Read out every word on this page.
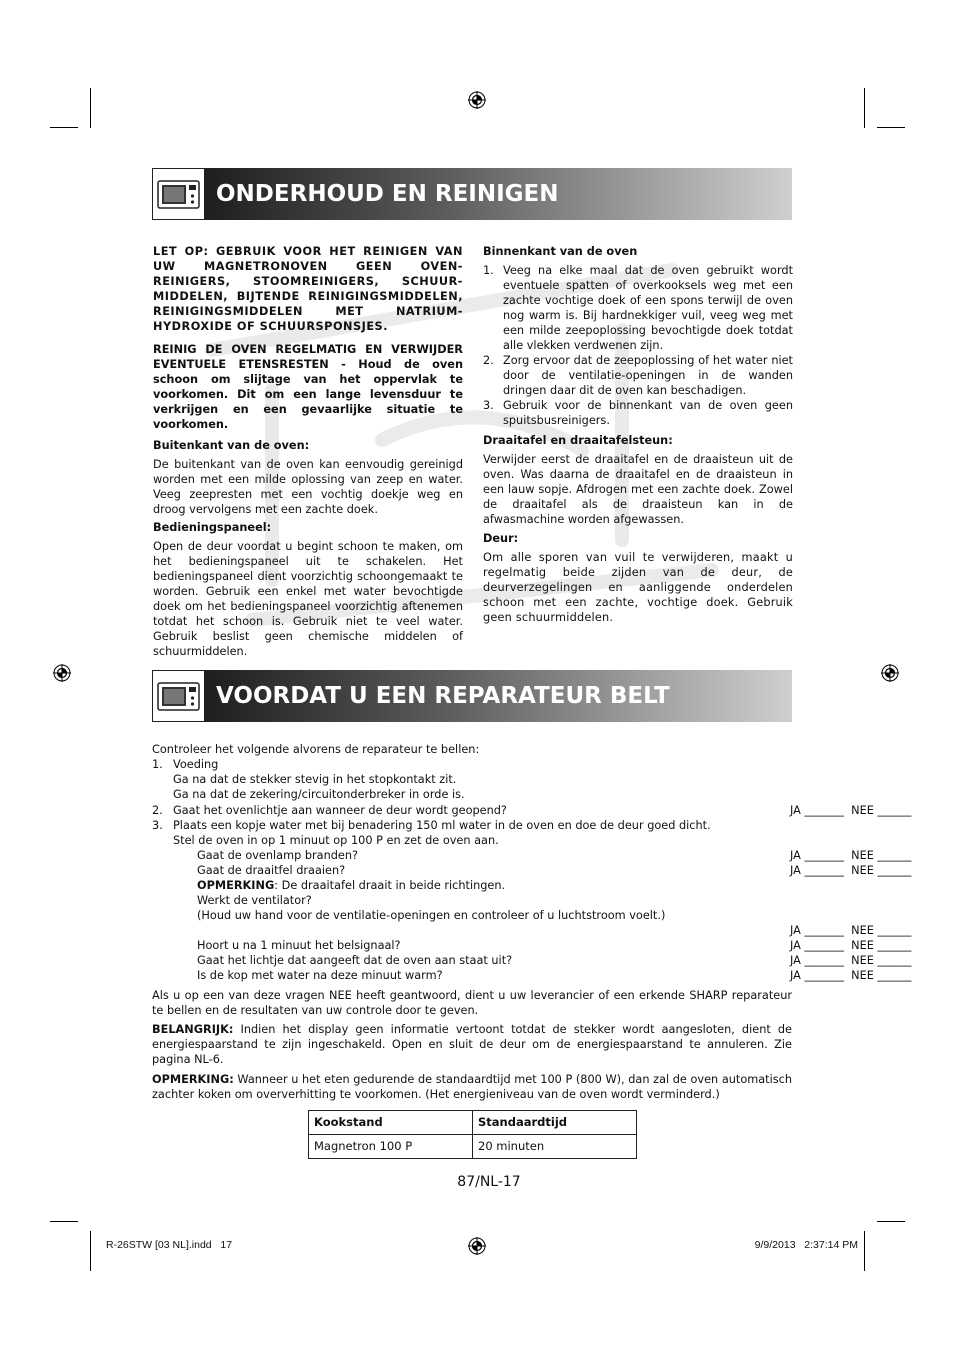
ONDERHOUD EN REINIGEN

LET OP: GEBRUIK VOOR HET REINIGEN VAN UW MAGNETRONOVEN GEEN OVEN-REINIGERS, STOOMREINIGERS, SCHUUR-MIDDELEN, BIJTENDE REINIGINGSMIDDELEN, REINIGINGSMIDDELEN MET NATRIUM-HYDROXIDE OF SCHUURSPONSJES.

REINIG DE OVEN REGELMATIG EN VERWIJDER EVENTUELE ETENSRESTEN - Houd de oven schoon om slijtage van het oppervlak te voorkomen. Dit om een lange levensduur te verkrijgen en een gevaarlijke situatie te voorkomen.

Buitenkant van de oven:

De buitenkant van de oven kan eenvoudig gereinigd worden met een milde oplossing van zeep en water. Veeg zeepresten met een vochtig doekje weg en droog vervolgens met een zachte doek.

Bedieningspaneel:

Open de deur voordat u begint schoon te maken, om het bedieningspaneel uit te schakelen. Het bedieningspaneel dient voorzichtig schoongemaakt te worden. Gebruik een enkel met water bevochtigde doek om het bedieningspaneel voorzichtig aftenemen totdat het schoon is. Gebruik niet te veel water. Gebruik beslist geen chemische middelen of schuurmiddelen.

Binnenkant van de oven

1. Veeg na elke maal dat de oven gebruikt wordt eventuele spatten of overkooksels weg met een zachte vochtige doek of een spons terwijl de oven nog warm is. Bij hardnekkiger vuil, veeg weg met een milde zeepoplossing bevochtigde doek totdat alle vlekken verdwenen zijn.
2. Zorg ervoor dat de zeepoplossing of het water niet door de ventilatie-openingen in de wanden dringen daar dit de oven kan beschadigen.
3. Gebruik voor de binnenkant van de oven geen spuitsbusreinigers.

Draaitafel en draaitafelsteun:

Verwijder eerst de draaitafel en de draaisteun uit de oven. Was daarna de draaitafel en de draaisteun in een lauw sopje. Afdrogen met een zachte doek. Zowel de draaitafel als de draaisteun kan in de afwasmachine worden afgewassen.

Deur:

Om alle sporen van vuil te verwijderen, maakt u regelmatig beide zijden van de deur, de deurverzegelingen en aanliggende onderdelen schoon met een zachte, vochtige doek. Gebruik geen schuurmiddelen.

VOORDAT U EEN REPARATEUR BELT
Controleer het volgende alvorens de reparateur te bellen:
1. Voeding
Ga na dat de stekker stevig in het stopkontakt zit.
Ga na dat de zekering/circuitonderbreker in orde is.
2. Gaat het ovenlichtje aan wanneer de deur wordt geopend?	JA _______  NEE ______
3. Plaats een kopje water met bij benadering 150 ml water in de oven en doe de deur goed dicht.
Stel de oven in op 1 minuut op 100 P en zet de oven aan.
Gaat de ovenlamp branden?	JA _______  NEE ______
Gaat de draaitfel draaien?	JA _______  NEE ______
OPMERKING: De draaitafel draait in beide richtingen.
Werkt de ventilator?
(Houd uw hand voor de ventilatie-openingen en controleer of u luchtstroom voelt.)
JA _______  NEE ______
Hoort u na 1 minuut het belsignaal?	JA _______  NEE ______
Gaat het lichtje dat aangeeft dat de oven aan staat uit?	JA _______  NEE ______
Is de kop met water na deze minuut warm?	JA _______  NEE ______

Als u op een van deze vragen NEE heeft geantwoord, dient u uw leverancier of een erkende SHARP reparateur te bellen en de resultaten van uw controle door te geven.

BELANGRIJK: Indien het display geen informatie vertoont totdat de stekker wordt aangesloten, dient de energiespaarstand te zijn ingeschakeld. Open en sluit de deur om de energiespaarstand te annuleren. Zie pagina NL-6.

OPMERKING: Wanneer u het eten gedurende de standaardtijd met 100 P (800 W), dan zal de oven automatisch zachter koken om oververhitting te voorkomen. (Het energieniveau van de oven wordt verminderd.)

Kookstand	Standaardtijd
Magnetron 100 P	20 minuten
87/NL-17
R-26STW [03 NL].indd   17	9/9/2013   2:37:14 PM
